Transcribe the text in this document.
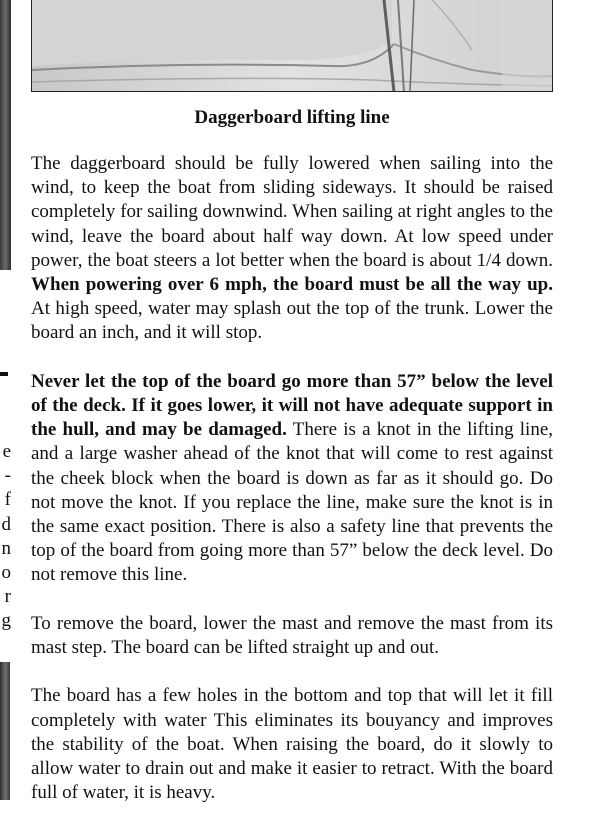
e
-
f
d
n
o
r
g
Daggerboard lifting line

The daggerboard should be fully lowered when sailing into the wind, to keep the boat from sliding sideways. It should be raised completely for sailing downwind. When sailing at right angles to the wind, leave the board about half way down. At low speed under power, the boat steers a lot better when the board is about 1/4 down. When powering over 6 mph, the board must be all the way up. At high speed, water may splash out the top of the trunk. Lower the board an inch, and it will stop.

Never let the top of the board go more than 57” below the level of the deck. If it goes lower, it will not have adequate support in the hull, and may be damaged. There is a knot in the lifting line, and a large washer ahead of the knot that will come to rest against the cheek block when the board is down as far as it should go. Do not move the knot. If you replace the line, make sure the knot is in the same exact position. There is also a safety line that prevents the top of the board from going more than 57” below the deck level. Do not remove this line.

To remove the board, lower the mast and remove the mast from its mast step. The board can be lifted straight up and out.

The board has a few holes in the bottom and top that will let it fill completely with water This eliminates its bouyancy and improves the stability of the boat. When raising the board, do it slowly to allow water to drain out and make it easier to retract. With the board full of water, it is heavy.
